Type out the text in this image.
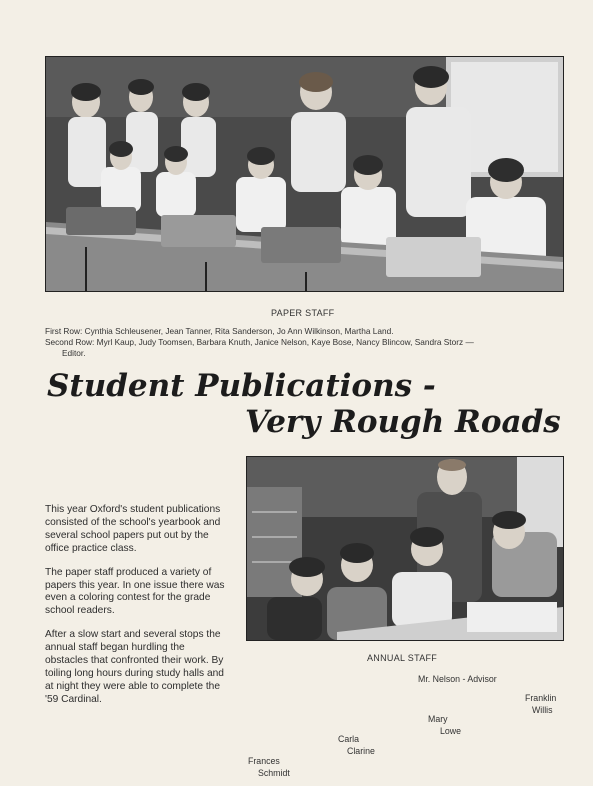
PAPER STAFF
First Row: Cynthia Schleusener, Jean Tanner, Rita Sanderson, Jo Ann Wilkinson, Martha Land.
Second Row: Myrl Kaup, Judy Toomsen, Barbara Knuth, Janice Nelson, Kaye Bose, Nancy Blincow, Sandra Storz —
Editor.
Student Publications -
Very Rough Roads

This year Oxford's student publications consisted of the school's yearbook and several school papers put out by the office practice class.

The paper staff produced a variety of papers this year. In one issue there was even a coloring contest for the grade school readers.

After a slow start and several stops the annual staff began hurdling the obstacles that confronted their work. By toiling long hours during study halls and at night they were able to complete the '59 Cardinal.

ANNUAL STAFF
Mr. Nelson - Advisor
Franklin
Willis
Mary
Lowe
Carla
Clarine
Frances
Schmidt
